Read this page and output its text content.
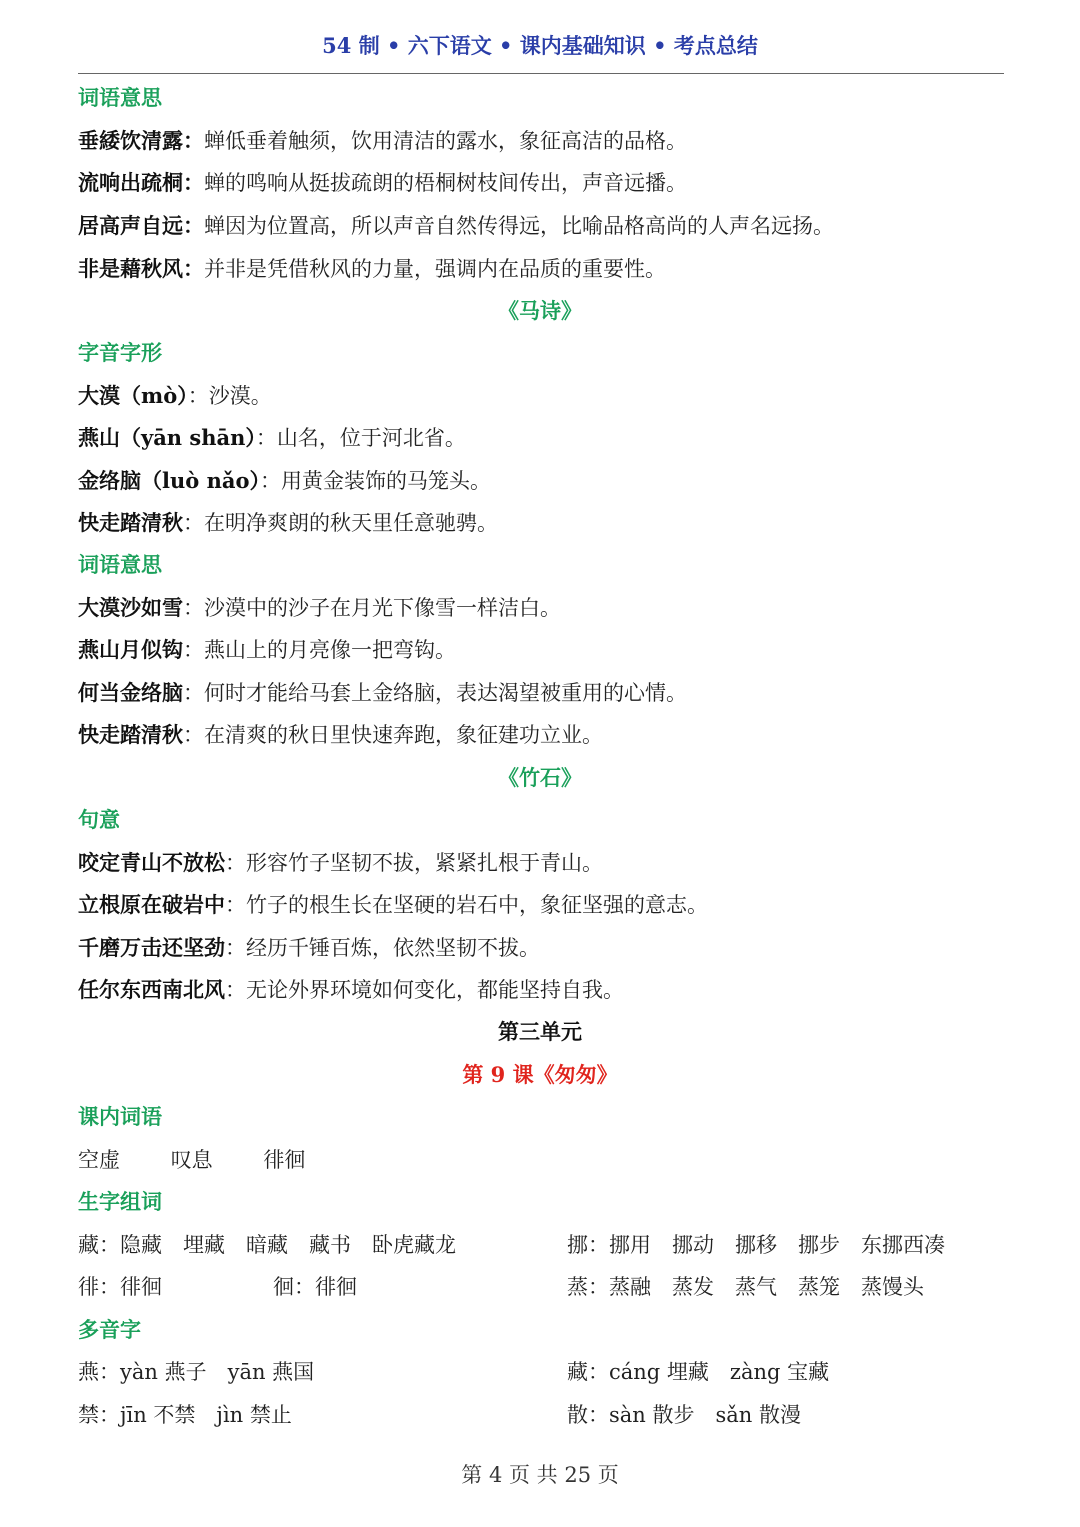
54 制 • 六下语文 • 课内基础知识 • 考点总结
词语意思
垂緌饮清露：蝉低垂着触须，饮用清洁的露水，象征高洁的品格。
流响出疏桐：蝉的鸣响从挺拔疏朗的梧桐树枝间传出，声音远播。
居高声自远：蝉因为位置高，所以声音自然传得远，比喻品格高尚的人声名远扬。
非是藉秋风：并非是凭借秋风的力量，强调内在品质的重要性。
《马诗》
字音字形
大漠（mò）：沙漠。
燕山（yān shān）：山名，位于河北省。
金络脑（luò nǎo）：用黄金装饰的马笼头。
快走踏清秋：在明净爽朗的秋天里任意驰骋。
词语意思
大漠沙如雪：沙漠中的沙子在月光下像雪一样洁白。
燕山月似钩：燕山上的月亮像一把弯钩。
何当金络脑：何时才能给马套上金络脑，表达渴望被重用的心情。
快走踏清秋：在清爽的秋日里快速奔跑，象征建功立业。
《竹石》
句意
咬定青山不放松：形容竹子坚韧不拔，紧紧扎根于青山。
立根原在破岩中：竹子的根生长在坚硬的岩石中，象征坚强的意志。
千磨万击还坚劲：经历千锤百炼，依然坚韧不拔。
任尔东西南北风：无论外界环境如何变化，都能坚持自我。
第三单元
第 9 课《匆匆》
课内词语
空虚 叹息 徘徊
生字组词
藏：隐藏　埋藏　暗藏　藏书　卧虎藏龙	挪：挪用　挪动　挪移　挪步　东挪西凑
徘：徘徊	徊：徘徊	蒸：蒸融　蒸发　蒸气　蒸笼　蒸馒头
多音字
燕：yàn 燕子　yān 燕国	藏：cáng 埋藏　zàng 宝藏
禁：jīn 不禁　jìn 禁止	散：sàn 散步　sǎn 散漫
第 4 页 共 25 页
